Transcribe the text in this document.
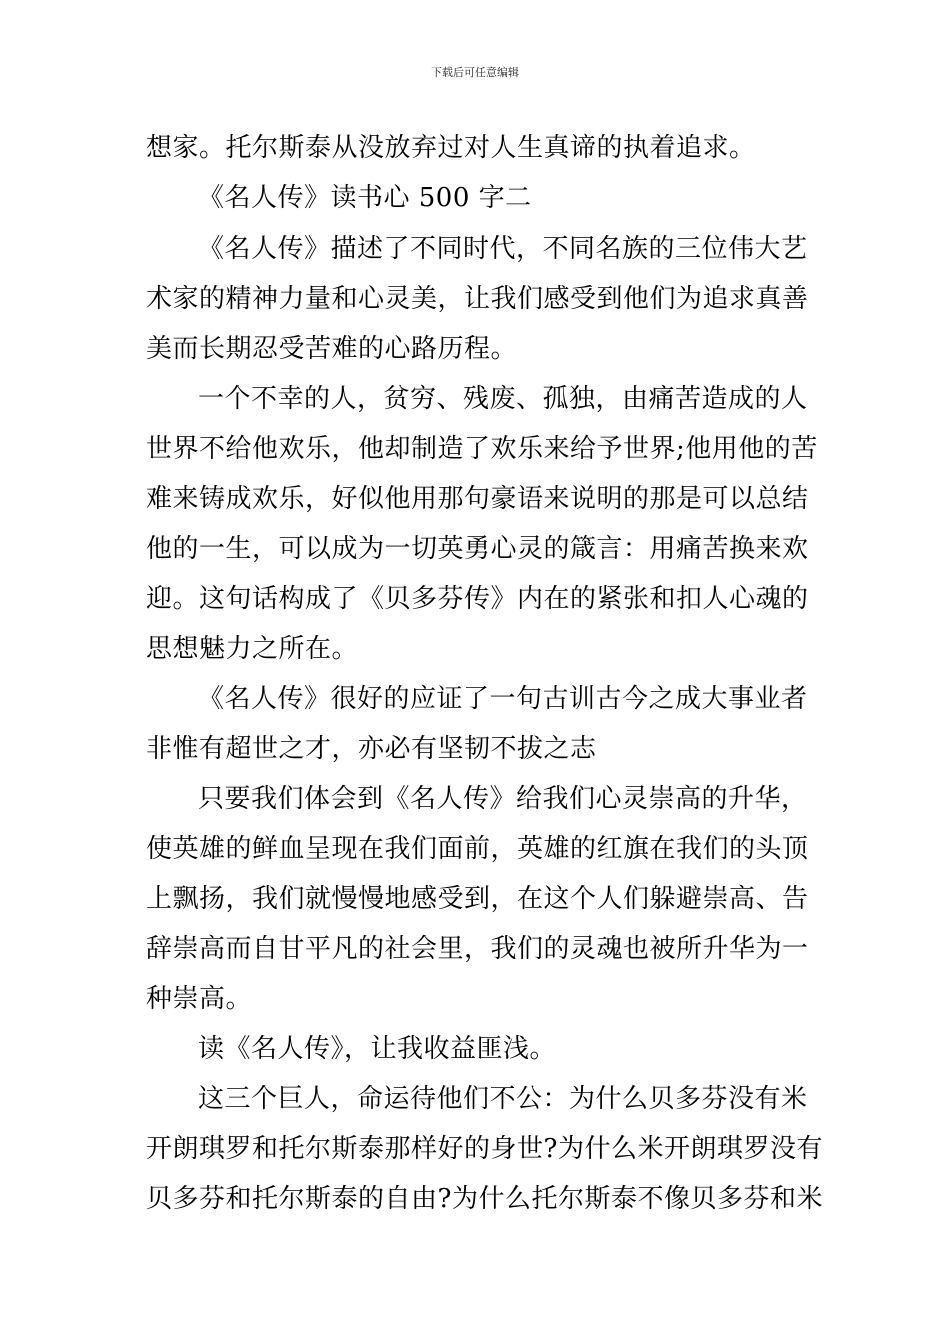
下载后可任意编辑
想家。托尔斯泰从没放弃过对人生真谛的执着追求。
《名人传》读书心 500 字二
《名人传》描述了不同时代，不同名族的三位伟大艺
术家的精神力量和心灵美，让我们感受到他们为追求真善
美而长期忍受苦难的心路历程。
一个不幸的人，贫穷、残废、孤独，由痛苦造成的人
世界不给他欢乐，他却制造了欢乐来给予世界;他用他的苦
难来铸成欢乐，好似他用那句豪语来说明的那是可以总结
他的一生，可以成为一切英勇心灵的箴言：用痛苦换来欢
迎。这句话构成了《贝多芬传》内在的紧张和扣人心魂的
思想魅力之所在。
《名人传》很好的应证了一句古训古今之成大事业者
非惟有超世之才，亦必有坚韧不拔之志
只要我们体会到《名人传》给我们心灵崇高的升华，
使英雄的鲜血呈现在我们面前，英雄的红旗在我们的头顶
上飘扬，我们就慢慢地感受到，在这个人们躲避崇高、告
辞崇高而自甘平凡的社会里，我们的灵魂也被所升华为一
种崇高。
读《名人传》，让我收益匪浅。
这三个巨人，命运待他们不公：为什么贝多芬没有米
开朗琪罗和托尔斯泰那样好的身世?为什么米开朗琪罗没有
贝多芬和托尔斯泰的自由?为什么托尔斯泰不像贝多芬和米
